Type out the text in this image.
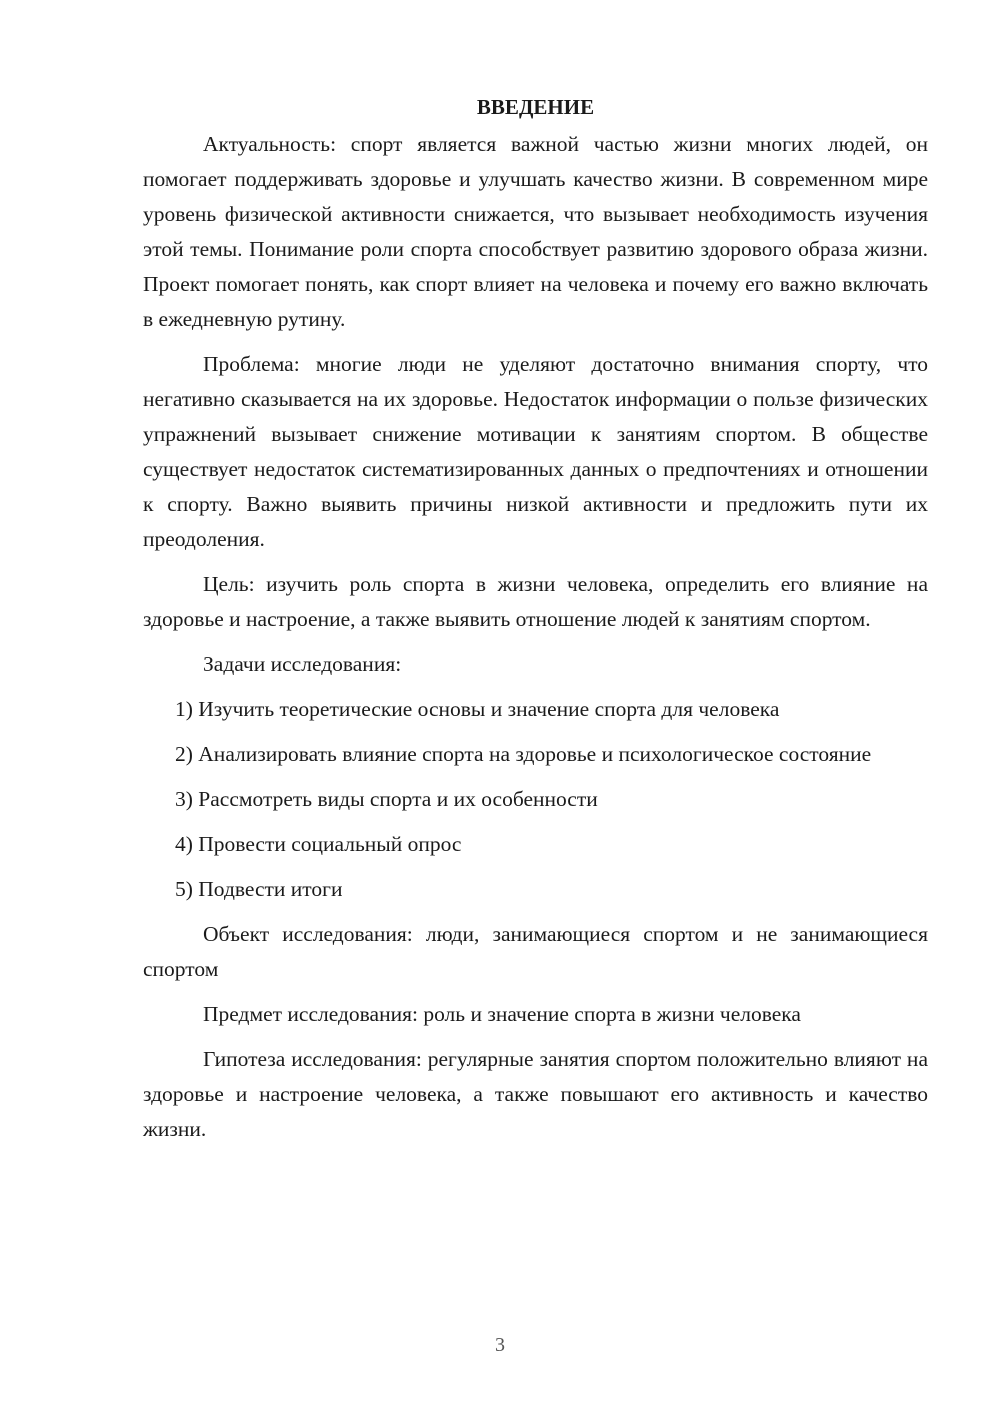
ВВЕДЕНИЕ

Актуальность: спорт является важной частью жизни многих людей, он помогает поддерживать здоровье и улучшать качество жизни. В современном мире уровень физической активности снижается, что вызывает необходимость изучения этой темы. Понимание роли спорта способствует развитию здорового образа жизни. Проект помогает понять, как спорт влияет на человека и почему его важно включать в ежедневную рутину.

Проблема: многие люди не уделяют достаточно внимания спорту, что негативно сказывается на их здоровье. Недостаток информации о пользе физических упражнений вызывает снижение мотивации к занятиям спортом. В обществе существует недостаток систематизированных данных о предпочтениях и отношении к спорту. Важно выявить причины низкой активности и предложить пути их преодоления.

Цель: изучить роль спорта в жизни человека, определить его влияние на здоровье и настроение, а также выявить отношение людей к занятиям спортом.

Задачи исследования:

1) Изучить теоретические основы и значение спорта для человека

2) Анализировать влияние спорта на здоровье и психологическое состояние

3) Рассмотреть виды спорта и их особенности

4) Провести социальный опрос

5) Подвести итоги

Объект исследования: люди, занимающиеся спортом и не занимающиеся спортом

Предмет исследования: роль и значение спорта в жизни человека

Гипотеза исследования: регулярные занятия спортом положительно влияют на здоровье и настроение человека, а также повышают его активность и качество жизни.

3
